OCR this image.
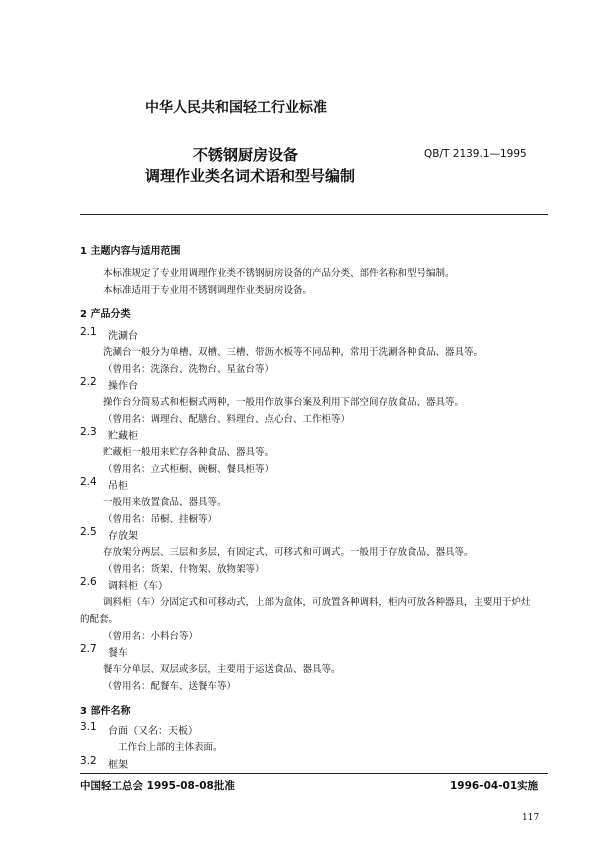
中华人民共和国轻工行业标准
不锈钢厨房设备
调理作业类名词术语和型号编制
QB/T 2139.1—1995
1 主题内容与适用范围
本标准规定了专业用调理作业类不锈钢厨房设备的产品分类、部件名称和型号编制。
本标准适用于专业用不锈钢调理作业类厨房设备。
2 产品分类
2.1 洗涮台
洗涮台一般分为单槽、双槽、三槽、带沥水板等不同品种，常用于洗涮各种食品、器具等。
（曾用名：洗涤台、洗物台、星盆台等）
2.2 操作台
操作台分简易式和柜橱式两种，一般用作放事台案及利用下部空间存放食品、器具等。
（曾用名：调理台、配膳台、料理台、点心台、工作柜等）
2.3 贮藏柜
贮藏柜一般用来贮存各种食品、器具等。
（曾用名：立式柜橱、碗橱、餐具柜等）
2.4 吊柜
一般用来放置食品、器具等。
（曾用名：吊橱、挂橱等）
2.5 存放架
存放架分两层、三层和多层，有固定式、可移式和可调式。一般用于存放食品、器具等。
（曾用名：货架、什物架、放物架等）
2.6 调料柜（车）
调料柜（车）分固定式和可移动式，上部为盒体，可放置各种调料，柜内可放各种器具，主要用于炉灶
的配套。
（曾用名：小料台等）
2.7 餐车
餐车分单层、双层或多层，主要用于运送食品、器具等。
（曾用名：配餐车、送餐车等）
3 部件名称
3.1 台面（又名：天板）
工作台上部的主体表面。
3.2 框架
中国轻工总会 1995-08-08批准	1996-04-01实施
117
